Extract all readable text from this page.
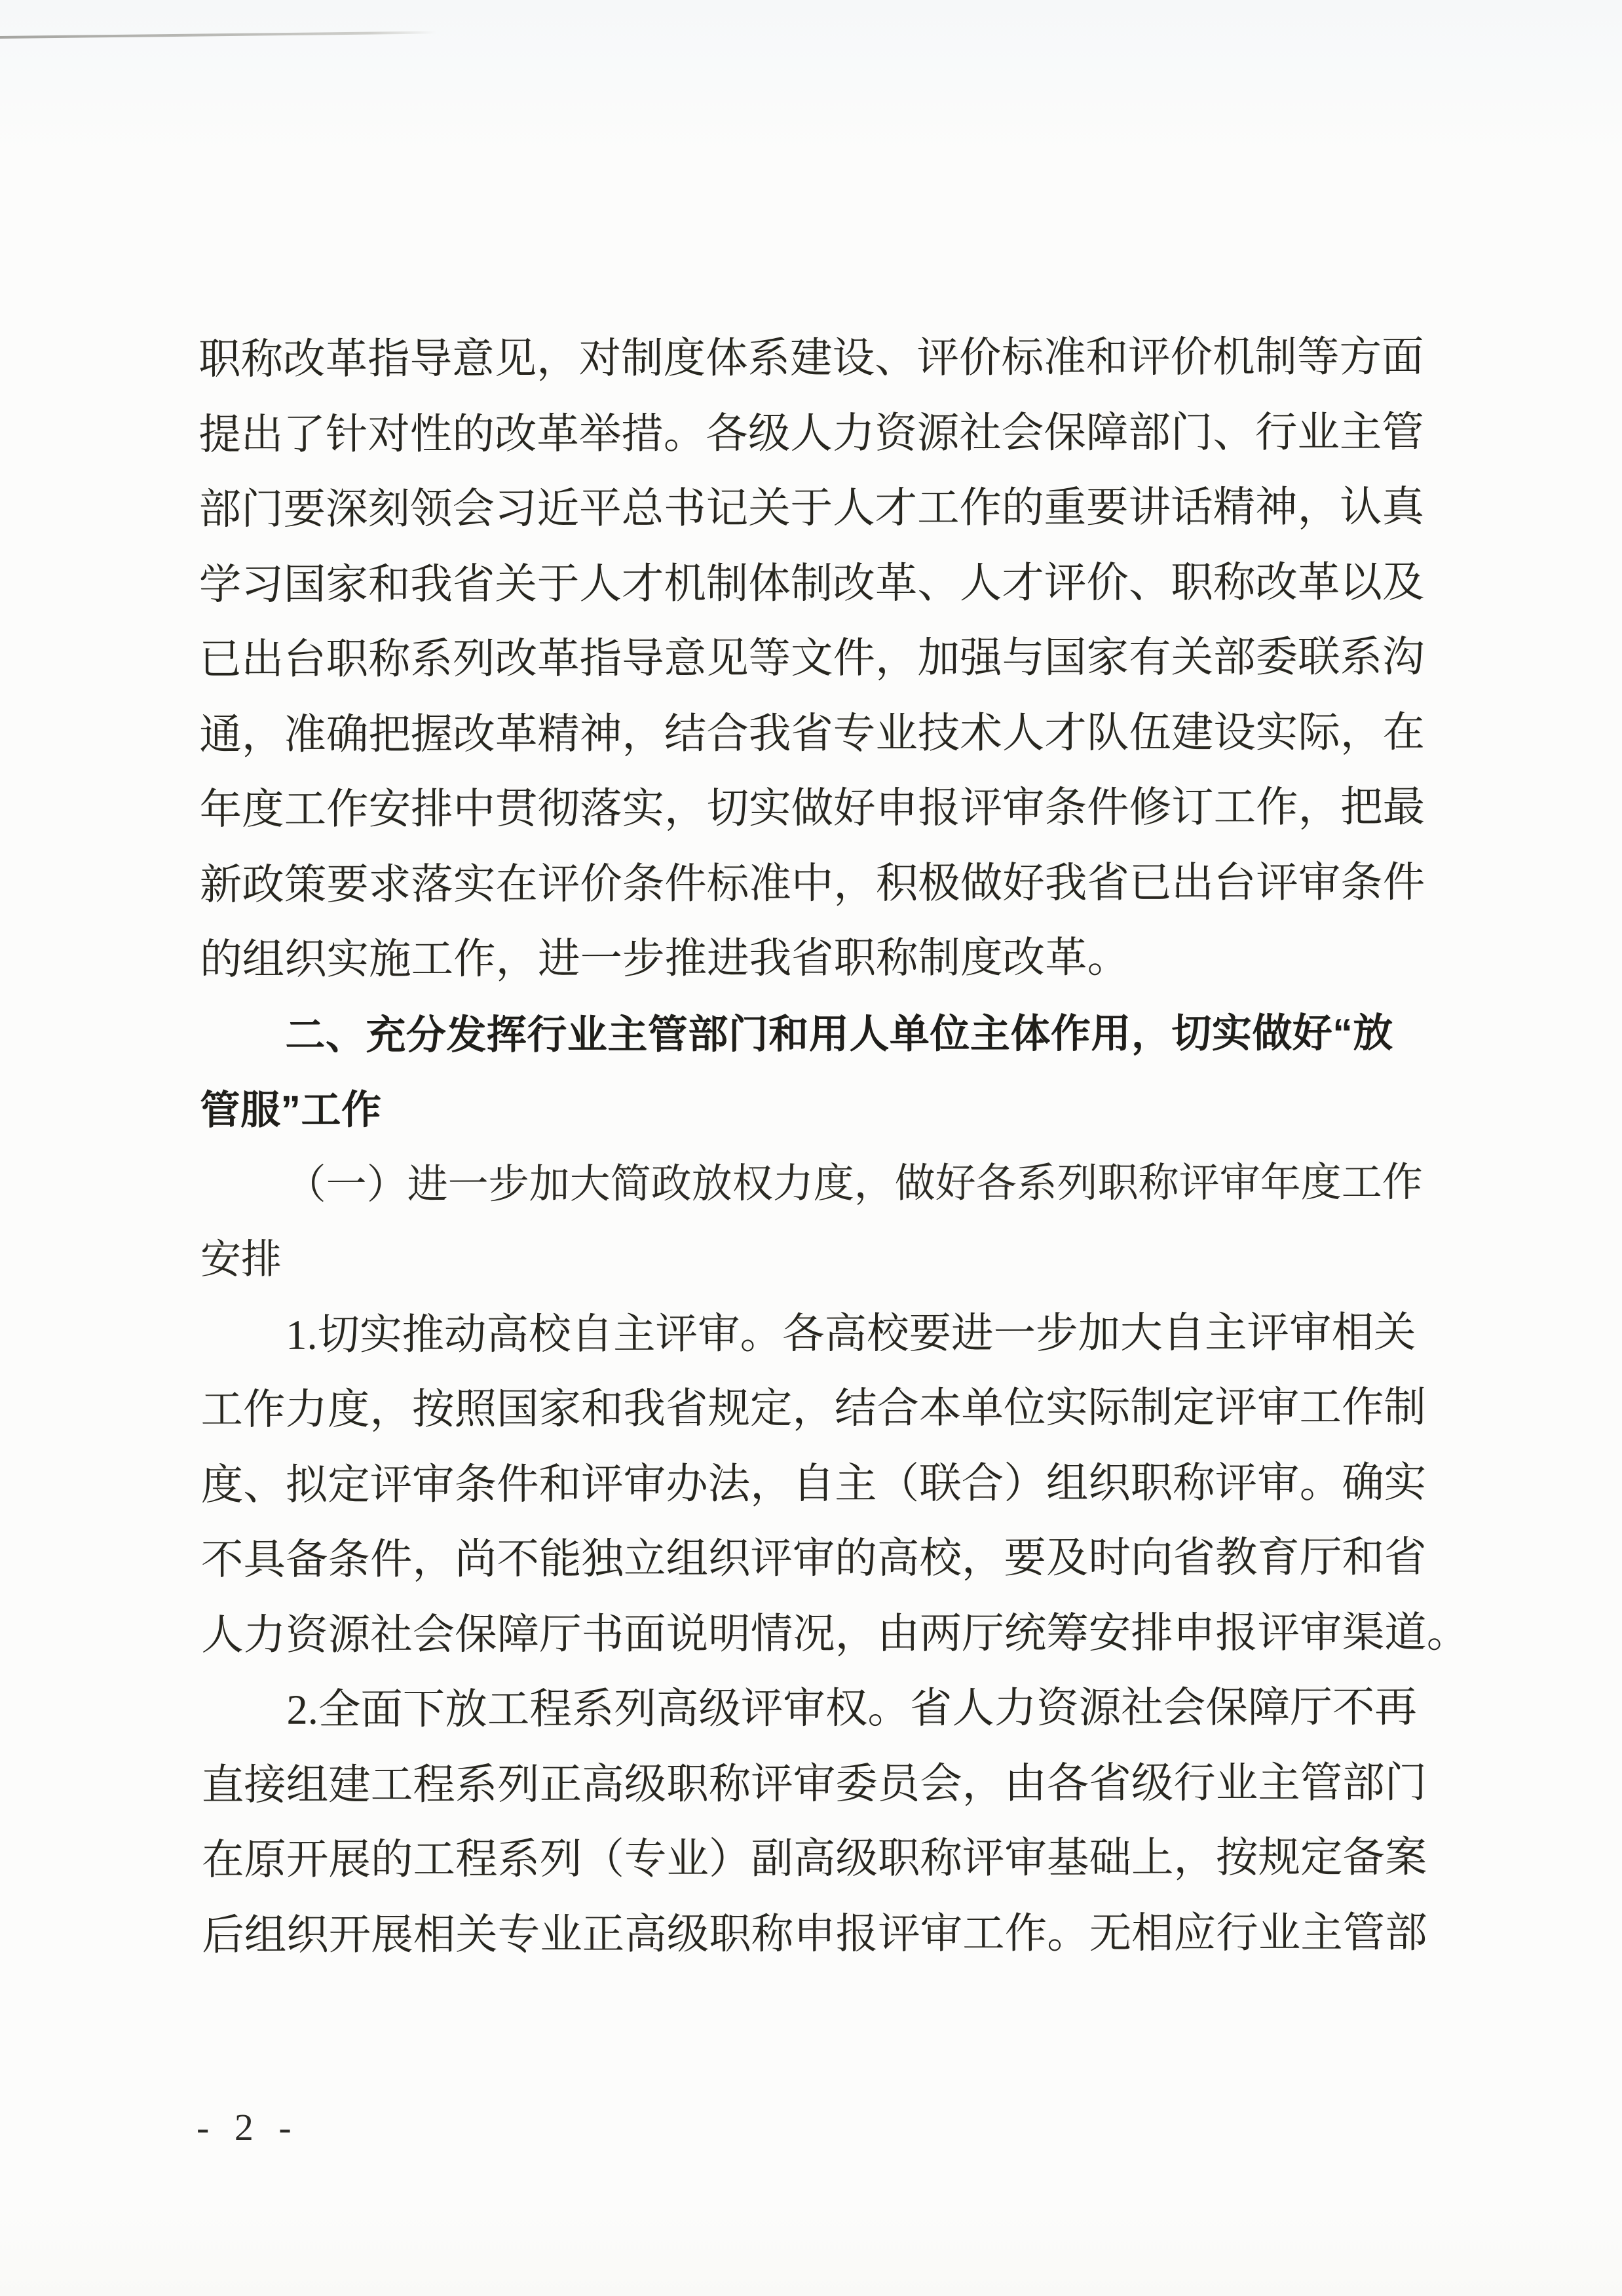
职称改革指导意见，对制度体系建设、评价标准和评价机制等方面
提出了针对性的改革举措。各级人力资源社会保障部门、行业主管
部门要深刻领会习近平总书记关于人才工作的重要讲话精神，认真
学习国家和我省关于人才机制体制改革、人才评价、职称改革以及
已出台职称系列改革指导意见等文件，加强与国家有关部委联系沟
通，准确把握改革精神，结合我省专业技术人才队伍建设实际，在
年度工作安排中贯彻落实，切实做好申报评审条件修订工作，把最
新政策要求落实在评价条件标准中，积极做好我省已出台评审条件
的组织实施工作，进一步推进我省职称制度改革。
二、充分发挥行业主管部门和用人单位主体作用，切实做好“放
管服”工作
（一）进一步加大简政放权力度，做好各系列职称评审年度工作
安排
1.切实推动高校自主评审。各高校要进一步加大自主评审相关
工作力度，按照国家和我省规定，结合本单位实际制定评审工作制
度、拟定评审条件和评审办法，自主（联合）组织职称评审。确实
不具备条件，尚不能独立组织评审的高校，要及时向省教育厅和省
人力资源社会保障厅书面说明情况，由两厅统筹安排申报评审渠道。
2.全面下放工程系列高级评审权。省人力资源社会保障厅不再
直接组建工程系列正高级职称评审委员会，由各省级行业主管部门
在原开展的工程系列（专业）副高级职称评审基础上，按规定备案
后组织开展相关专业正高级职称申报评审工作。无相应行业主管部
- 2 -
